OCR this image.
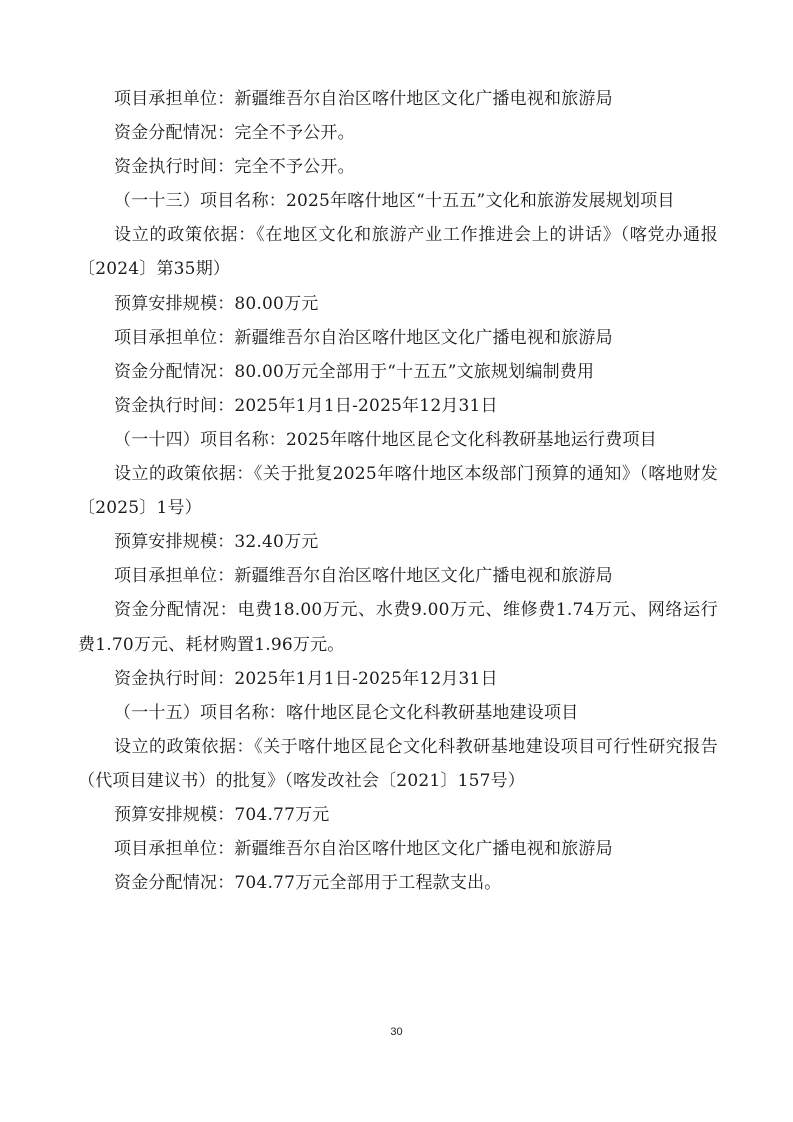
项目承担单位：新疆维吾尔自治区喀什地区文化广播电视和旅游局

资金分配情况：完全不予公开。

资金执行时间：完全不予公开。

（一十三）项目名称：2025年喀什地区“十五五”文化和旅游发展规划项目

设立的政策依据：《在地区文化和旅游产业工作推进会上的讲话》（喀党办通报〔2024〕第35期）

预算安排规模：80.00万元

项目承担单位：新疆维吾尔自治区喀什地区文化广播电视和旅游局

资金分配情况：80.00万元全部用于“十五五”文旅规划编制费用

资金执行时间：2025年1月1日-2025年12月31日

（一十四）项目名称：2025年喀什地区昆仑文化科教研基地运行费项目

设立的政策依据：《关于批复2025年喀什地区本级部门预算的通知》（喀地财发〔2025〕1号）

预算安排规模：32.40万元

项目承担单位：新疆维吾尔自治区喀什地区文化广播电视和旅游局

资金分配情况：电费18.00万元、水费9.00万元、维修费1.74万元、网络运行费1.70万元、耗材购置1.96万元。

资金执行时间：2025年1月1日-2025年12月31日

（一十五）项目名称：喀什地区昆仑文化科教研基地建设项目

设立的政策依据：《关于喀什地区昆仑文化科教研基地建设项目可行性研究报告（代项目建议书）的批复》（喀发改社会〔2021〕157号）

预算安排规模：704.77万元

项目承担单位：新疆维吾尔自治区喀什地区文化广播电视和旅游局

资金分配情况：704.77万元全部用于工程款支出。

30
